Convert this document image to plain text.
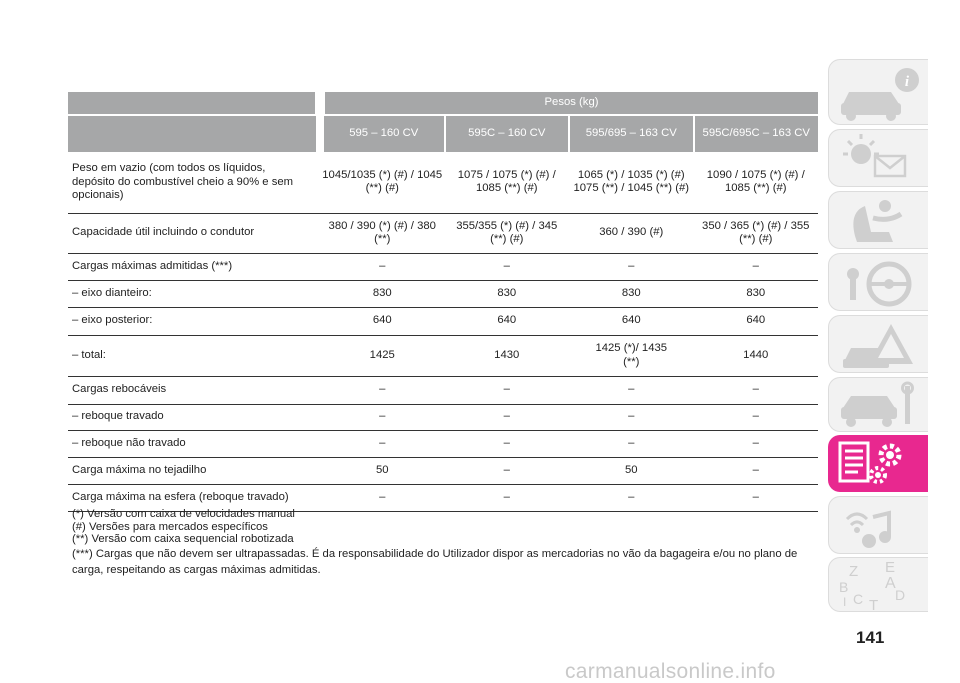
	Pesos (kg)			

	595 – 160 CV	595C – 160 CV	595/695 – 163 CV	595C/695C – 163 CV
Peso em vazio (com todos os líquidos, depósito do combustível cheio a 90% e sem opcionais)	1045/1035 (*) (#) / 1045 (**) (#)	1075 / 1075 (*) (#) / 1085 (**) (#)	1065 (*) / 1035 (*) (#) 1075 (**) / 1045 (**) (#)	1090 / 1075 (*) (#) / 1085 (**) (#)
Capacidade útil incluindo o condutor	380 / 390 (*) (#) / 380 (**)	355/355 (*) (#) / 345 (**) (#)	360 / 390 (#)	350 / 365 (*) (#) / 355 (**) (#)
Cargas máximas admitidas (***)	–	–	–	–
– eixo dianteiro:	830	830	830	830
– eixo posterior:	640	640	640	640
– total:	1425	1430	1425 (*)/ 1435 (**)	1440
Cargas rebocáveis	–	–	–	–
– reboque travado	–	–	–	–
– reboque não travado	–	–	–	–
Carga máxima no tejadilho	50	–	50	–
Carga máxima na esfera (reboque travado)	–	–	–	–
(*) Versão com caixa de velocidades manual
(#) Versões para mercados específicos
(**) Versão com caixa sequencial robotizada
(***) Cargas que não devem ser ultrapassadas. É da responsabilidade do Utilizador dispor as mercadorias no vão da bagageira e/ou no plano de carga, respeitando as cargas máximas admitidas.
i
Z E
B A
C D
I T
141
carmanualsonline.info
